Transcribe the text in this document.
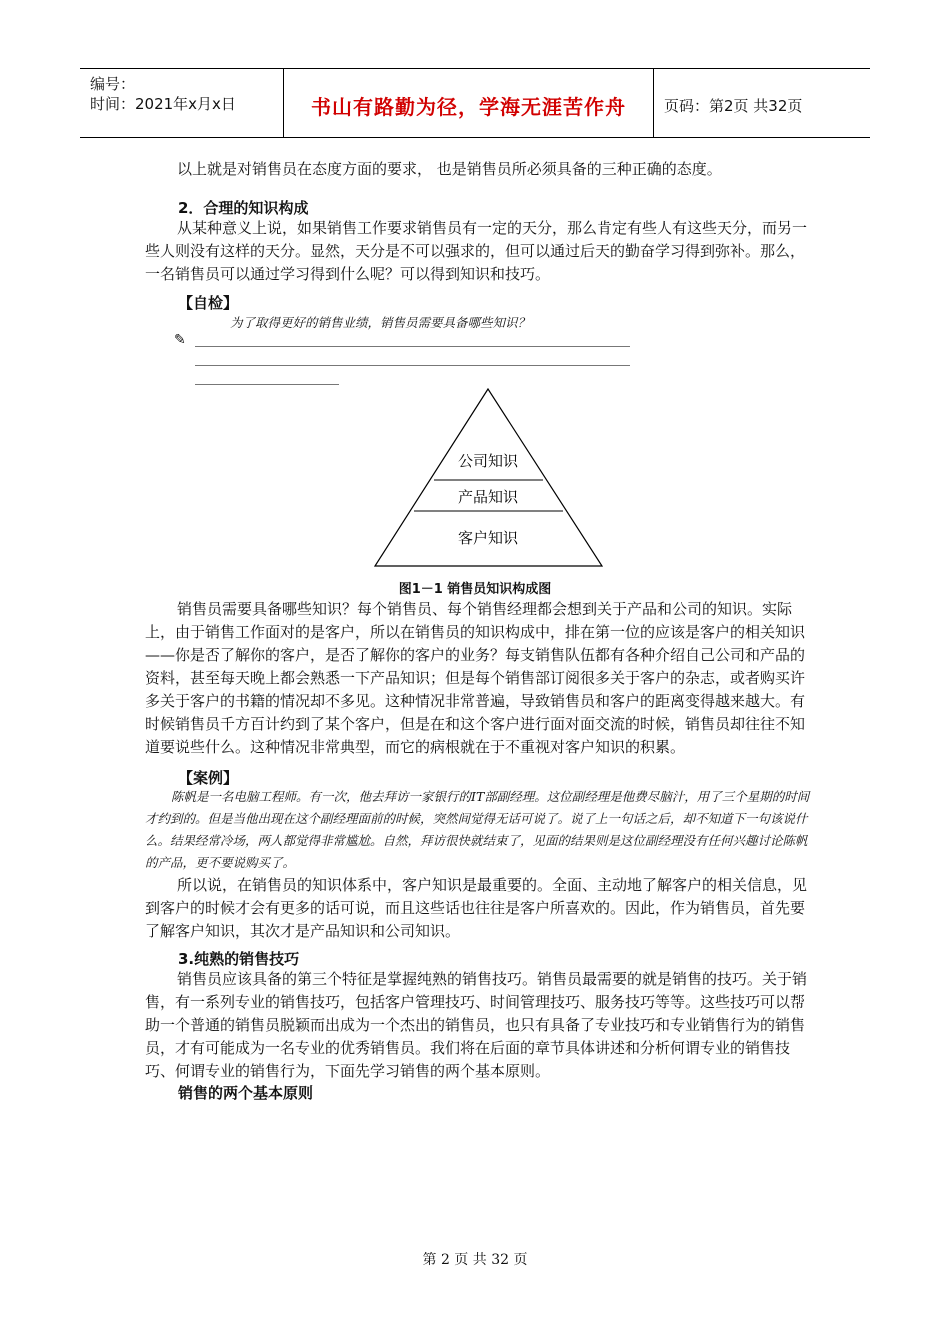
编号：
时间：2021年x月x日	书山有路勤为径，学海无涯苦作舟	页码：第2页 共32页
以上就是对销售员在态度方面的要求， 也是销售员所必须具备的三种正确的态度。
2．合理的知识构成
从某种意义上说，如果销售工作要求销售员有一定的天分，那么肯定有些人有这些天分，而另一些人则没有这样的天分。显然，天分是不可以强求的，但可以通过后天的勤奋学习得到弥补。那么，一名销售员可以通过学习得到什么呢？可以得到知识和技巧。
【自检】
为了取得更好的销售业绩，销售员需要具备哪些知识？
✎
公司知识
产品知识
客户知识
图1－1 销售员知识构成图
销售员需要具备哪些知识？每个销售员、每个销售经理都会想到关于产品和公司的知识。实际上，由于销售工作面对的是客户，所以在销售员的知识构成中，排在第一位的应该是客户的相关知识——你是否了解你的客户，是否了解你的客户的业务？每支销售队伍都有各种介绍自己公司和产品的资料，甚至每天晚上都会熟悉一下产品知识；但是每个销售部订阅很多关于客户的杂志，或者购买许多关于客户的书籍的情况却不多见。这种情况非常普遍，导致销售员和客户的距离变得越来越大。有时候销售员千方百计约到了某个客户，但是在和这个客户进行面对面交流的时候，销售员却往往不知道要说些什么。这种情况非常典型，而它的病根就在于不重视对客户知识的积累。
【案例】
陈帆是一名电脑工程师。有一次，他去拜访一家银行的IT部副经理。这位副经理是他费尽脑汁，用了三个星期的时间才约到的。但是当他出现在这个副经理面前的时候，突然间觉得无话可说了。说了上一句话之后，却不知道下一句该说什么。结果经常冷场，两人都觉得非常尴尬。自然，拜访很快就结束了，见面的结果则是这位副经理没有任何兴趣讨论陈帆的产品，更不要说购买了。
所以说，在销售员的知识体系中，客户知识是最重要的。全面、主动地了解客户的相关信息，见到客户的时候才会有更多的话可说，而且这些话也往往是客户所喜欢的。因此，作为销售员，首先要了解客户知识，其次才是产品知识和公司知识。
3.纯熟的销售技巧
销售员应该具备的第三个特征是掌握纯熟的销售技巧。销售员最需要的就是销售的技巧。关于销售，有一系列专业的销售技巧，包括客户管理技巧、时间管理技巧、服务技巧等等。这些技巧可以帮助一个普通的销售员脱颖而出成为一个杰出的销售员，也只有具备了专业技巧和专业销售行为的销售员，才有可能成为一名专业的优秀销售员。我们将在后面的章节具体讲述和分析何谓专业的销售技巧、何谓专业的销售行为，下面先学习销售的两个基本原则。
销售的两个基本原则
第 2 页 共 32 页
